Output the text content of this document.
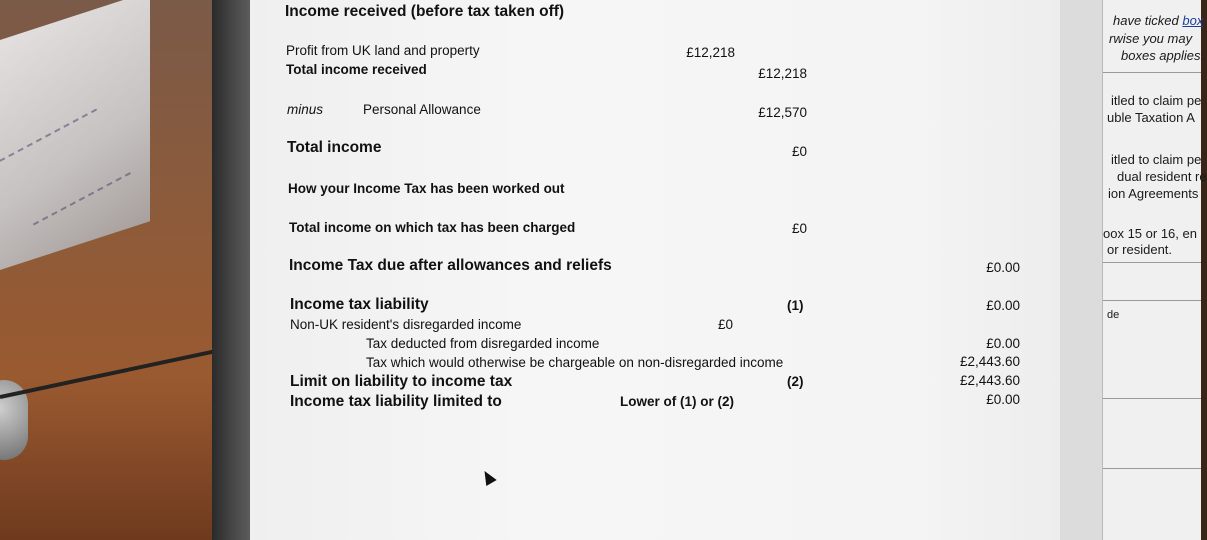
Income received (before tax taken off)
Profit from UK land and property	£12,218
Total income received	£12,218
minus	Personal Allowance	£12,570
Total income	£0
How your Income Tax has been worked out
Total income on which tax has been charged	£0
Income Tax due after allowances and reliefs	£0.00
Income tax liability	(1)	£0.00
Non-UK resident's disregarded income	£0
Tax deducted from disregarded income	£0.00
Tax which would otherwise be chargeable on non-disregarded income	£2,443.60
Limit on liability to income tax	(2)	£2,443.60
Income tax liability limited to	Lower of (1) or (2)	£0.00
have ticked box
rwise you may
boxes applies.
itled to claim pe
uble Taxation A
itled to claim pe
dual resident re
ion Agreements
oox 15 or 16, en
or resident.
de
